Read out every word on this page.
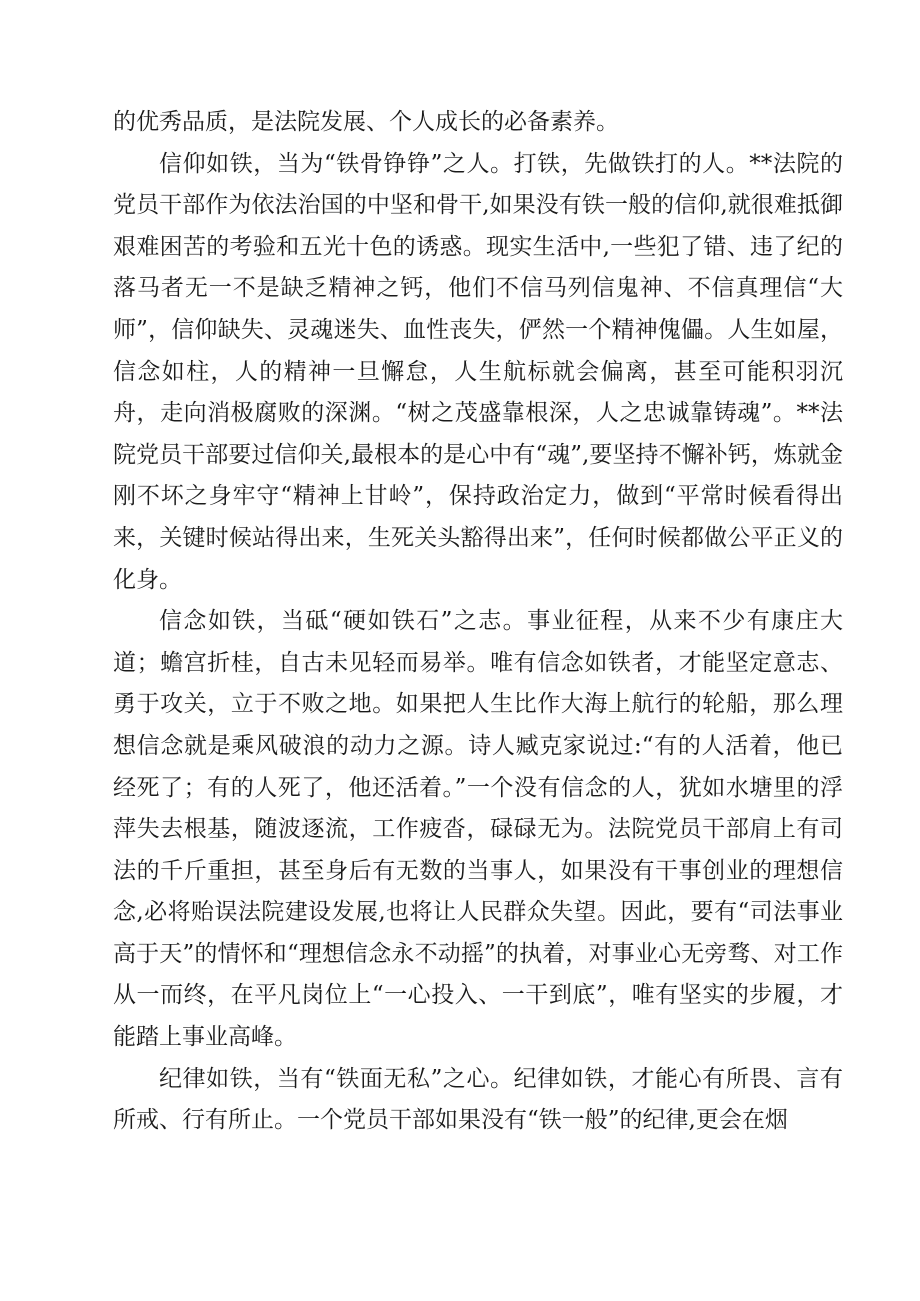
的优秀品质，是法院发展、个人成长的必备素养。

信仰如铁，当为“铁骨铮铮”之人。打铁，先做铁打的人。**法院的党员干部作为依法治国的中坚和骨干,如果没有铁一般的信仰,就很难抵御艰难困苦的考验和五光十色的诱惑。现实生活中,一些犯了错、违了纪的落马者无一不是缺乏精神之钙，他们不信马列信鬼神、不信真理信“大师”，信仰缺失、灵魂迷失、血性丧失，俨然一个精神傀儡。人生如屋，信念如柱，人的精神一旦懈怠，人生航标就会偏离，甚至可能积羽沉舟，走向消极腐败的深渊。“树之茂盛靠根深，人之忠诚靠铸魂”。**法院党员干部要过信仰关,最根本的是心中有“魂”,要坚持不懈补钙，炼就金刚不坏之身牢守“精神上甘岭”，保持政治定力，做到“平常时候看得出来，关键时候站得出来，生死关头豁得出来”，任何时候都做公平正义的化身。

信念如铁，当砥“硬如铁石”之志。事业征程，从来不少有康庄大道；蟾宫折桂，自古未见轻而易举。唯有信念如铁者，才能坚定意志、勇于攻关，立于不败之地。如果把人生比作大海上航行的轮船，那么理想信念就是乘风破浪的动力之源。诗人臧克家说过:“有的人活着，他已经死了；有的人死了，他还活着。”一个没有信念的人，犹如水塘里的浮萍失去根基，随波逐流，工作疲沓，碌碌无为。法院党员干部肩上有司法的千斤重担，甚至身后有无数的当事人，如果没有干事创业的理想信念,必将贻误法院建设发展,也将让人民群众失望。因此，要有“司法事业高于天”的情怀和“理想信念永不动摇”的执着，对事业心无旁骛、对工作从一而终，在平凡岗位上“一心投入、一干到底”，唯有坚实的步履，才能踏上事业高峰。

纪律如铁，当有“铁面无私”之心。纪律如铁，才能心有所畏、言有所戒、行有所止。一个党员干部如果没有“铁一般”的纪律,更会在烟
